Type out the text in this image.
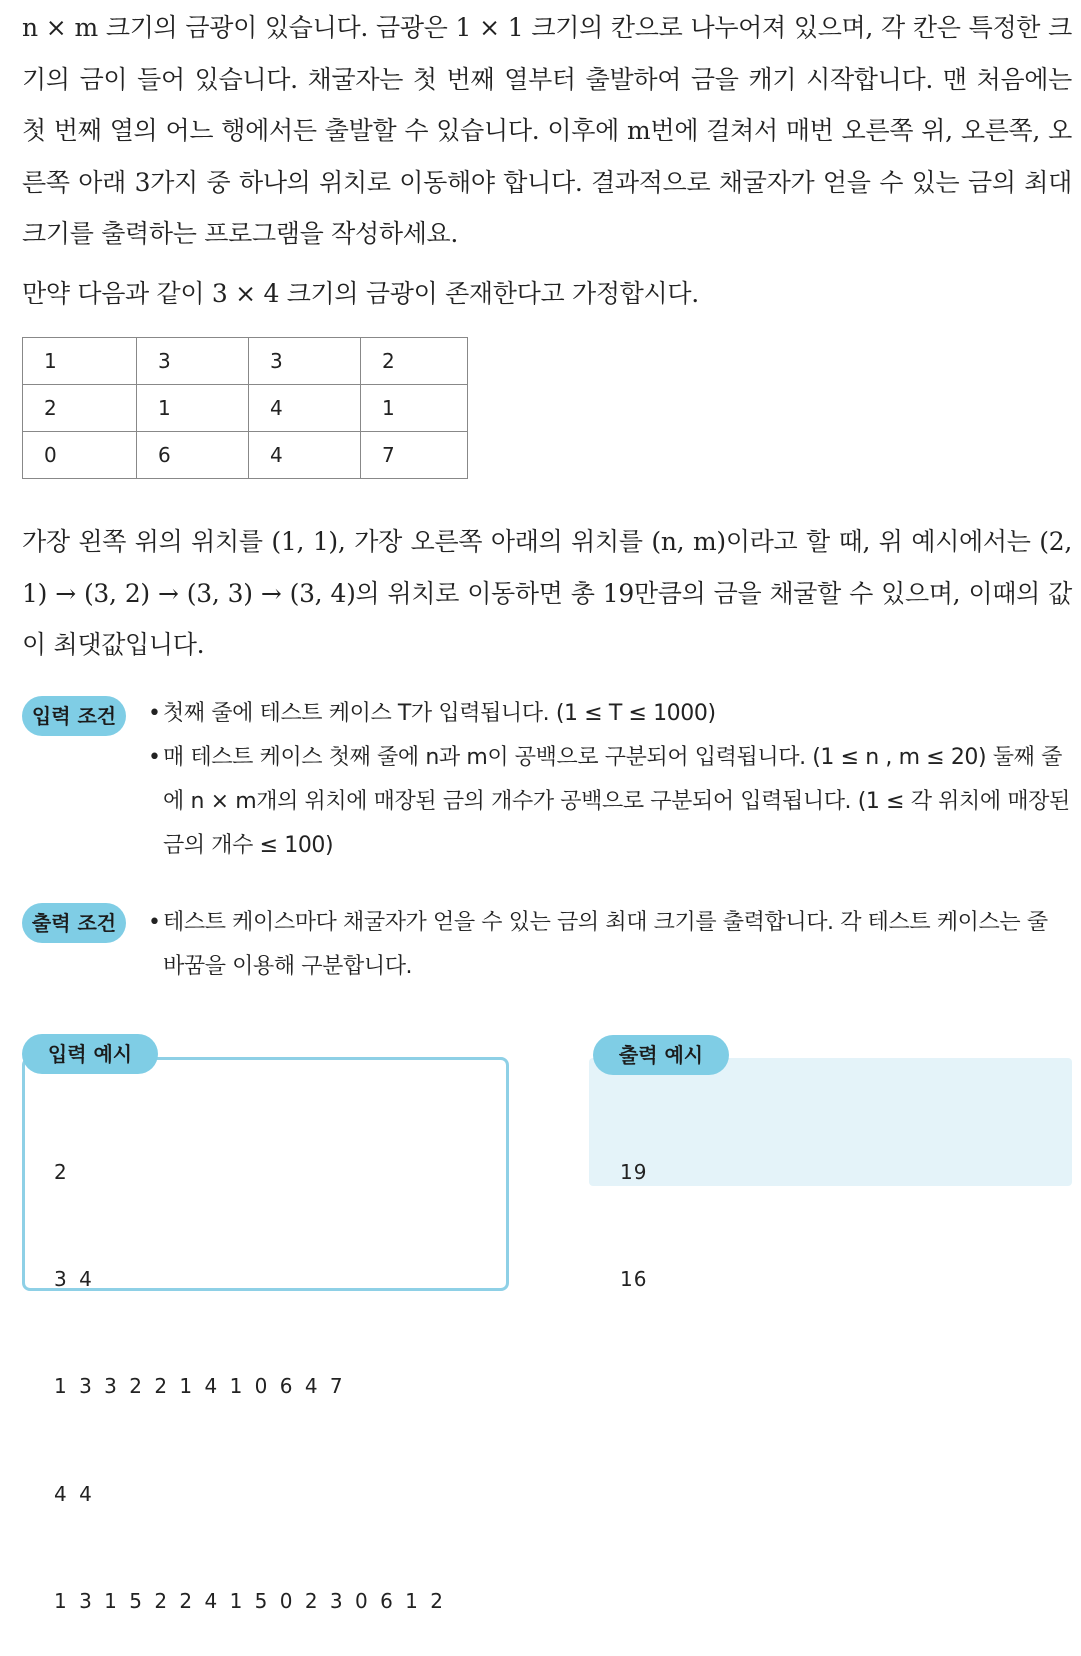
n × m 크기의 금광이 있습니다. 금광은 1 × 1 크기의 칸으로 나누어져 있으며, 각 칸은 특정한 크기의 금이 들어 있습니다. 채굴자는 첫 번째 열부터 출발하여 금을 캐기 시작합니다. 맨 처음에는 첫 번째 열의 어느 행에서든 출발할 수 있습니다. 이후에 m번에 걸쳐서 매번 오른쪽 위, 오른쪽, 오른쪽 아래 3가지 중 하나의 위치로 이동해야 합니다. 결과적으로 채굴자가 얻을 수 있는 금의 최대 크기를 출력하는 프로그램을 작성하세요.

만약 다음과 같이 3 × 4 크기의 금광이 존재한다고 가정합시다.

1	3	3	2
2	1	4	1
0	6	4	7

가장 왼쪽 위의 위치를 (1, 1), 가장 오른쪽 아래의 위치를 (n, m)이라고 할 때, 위 예시에서는 (2, 1) → (3, 2) → (3, 3) → (3, 4)의 위치로 이동하면 총 19만큼의 금을 채굴할 수 있으며, 이때의 값이 최댓값입니다.

입력 조건	• 첫째 줄에 테스트 케이스 T가 입력됩니다. (1 ≤ T ≤ 1000)
• 매 테스트 케이스 첫째 줄에 n과 m이 공백으로 구분되어 입력됩니다. (1 ≤ n , m ≤ 20) 둘째 줄에 n × m개의 위치에 매장된 금의 개수가 공백으로 구분되어 입력됩니다. (1 ≤ 각 위치에 매장된 금의 개수 ≤ 100)
출력 조건	• 테스트 케이스마다 채굴자가 얻을 수 있는 금의 최대 크기를 출력합니다. 각 테스트 케이스는 줄 바꿈을 이용해 구분합니다.
입력 예시

2

3 4

1 3 3 2 2 1 4 1 0 6 4 7

4 4

1 3 1 5 2 2 4 1 5 0 2 3 0 6 1 2

출력 예시

19

16
